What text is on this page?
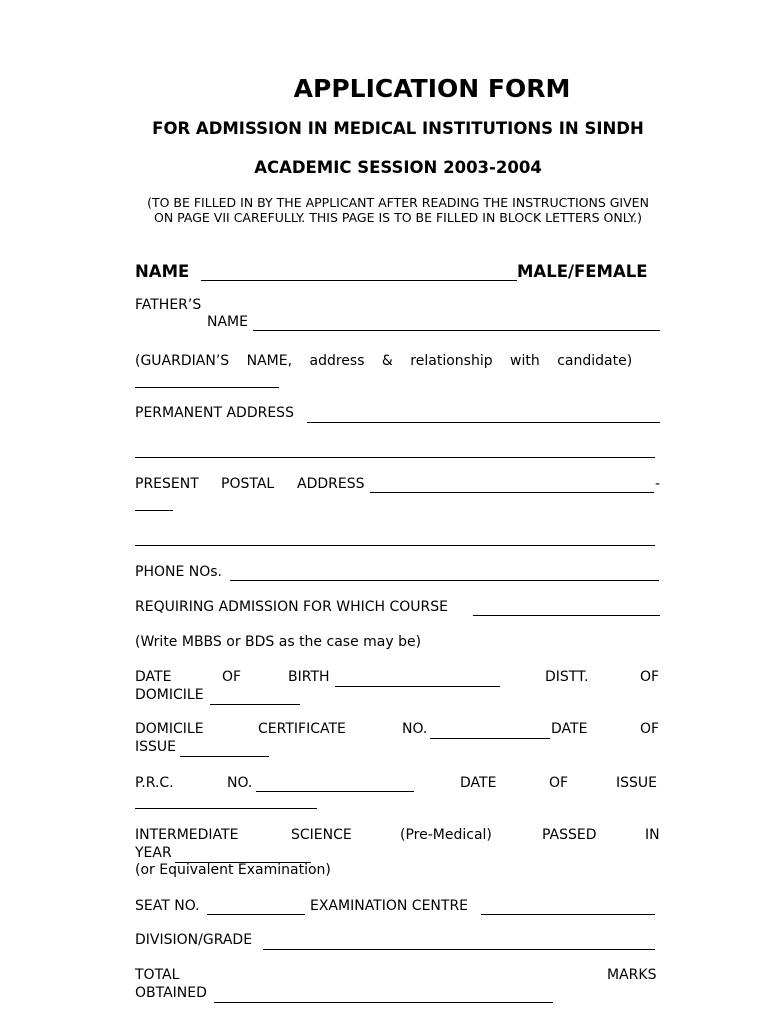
APPLICATION FORM
FOR ADMISSION IN MEDICAL INSTITUTIONS IN SINDH
ACADEMIC SESSION 2003-2004
(TO BE FILLED IN BY THE APPLICANT AFTER READING THE INSTRUCTIONS GIVEN
ON PAGE VII CAREFULLY. THIS PAGE IS TO BE FILLED IN BLOCK LETTERS ONLY.)
NAME	MALE/FEMALE
FATHER’S
NAME
(GUARDIAN’S NAME, address & relationship with candidate)
PERMANENT ADDRESS
PRESENT POSTAL ADDRESS	-
PHONE NOs.
REQUIRING ADMISSION FOR WHICH COURSE
(Write MBBS or BDS as the case may be)
DATE	OF	BIRTH	DISTT.	OF
DOMICILE
DOMICILE	CERTIFICATE	NO.	DATE	OF
ISSUE
P.R.C.	NO.	DATE	OF	ISSUE
INTERMEDIATE	SCIENCE	(Pre-Medical)	PASSED	IN
YEAR
(or Equivalent Examination)
SEAT NO.	EXAMINATION CENTRE
DIVISION/GRADE
TOTAL	MARKS
OBTAINED
